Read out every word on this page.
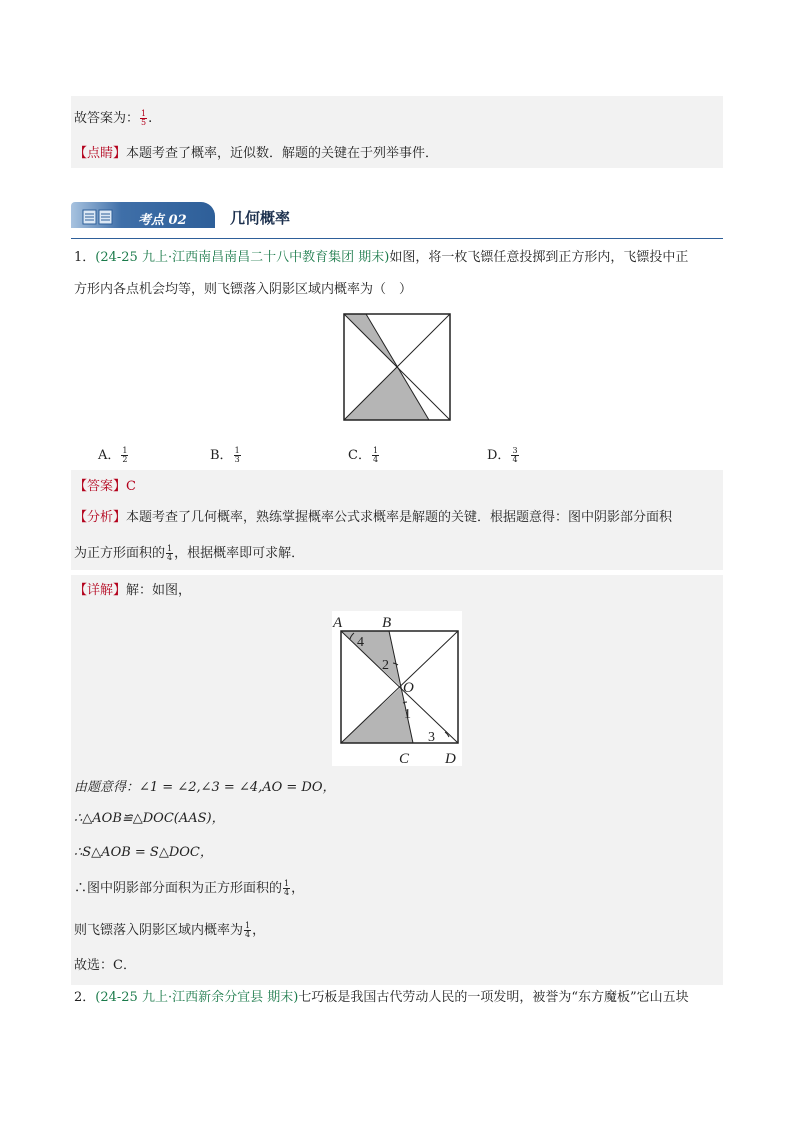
故答案为： $\frac{1}{5}$ .
【点睛】本题考查了概率，近似数．解题的关键在于列举事件．
考点 02	几何概率
1．(24-25 九上·江西南昌南昌二十八中教育集团 期末)如图，将一枚飞镖任意投掷到正方形内，飞镖投中正
方形内各点机会均等，则飞镖落入阴影区域内概率为（　）
A． $\frac{1}{2}$	B． $\frac{1}{3}$	C． $\frac{1}{4}$	D． $\frac{3}{4}$
【答案】C
【分析】本题考查了几何概率，熟练掌握概率公式求概率是解题的关键．根据题意得：图中阴影部分面积
为正方形面积的 $\frac{1}{4}$ ，根据概率即可求解．
【详解】解：如图，
A	B
C D
O
4
2
1
3
由题意得：∠1 = ∠2,∠3 = ∠4,AO = DO，
∴△AOB≌△DOC(AAS)，
∴S△AOB = S△DOC，
∴图中阴影部分面积为正方形面积的 $\frac{1}{4}$ ，
则飞镖落入阴影区域内概率为 $\frac{1}{4}$ ，
故选：C．
2．(24-25 九上·江西新余分宜县 期末)七巧板是我国古代劳动人民的一项发明，被誉为“东方魔板”它山五块
